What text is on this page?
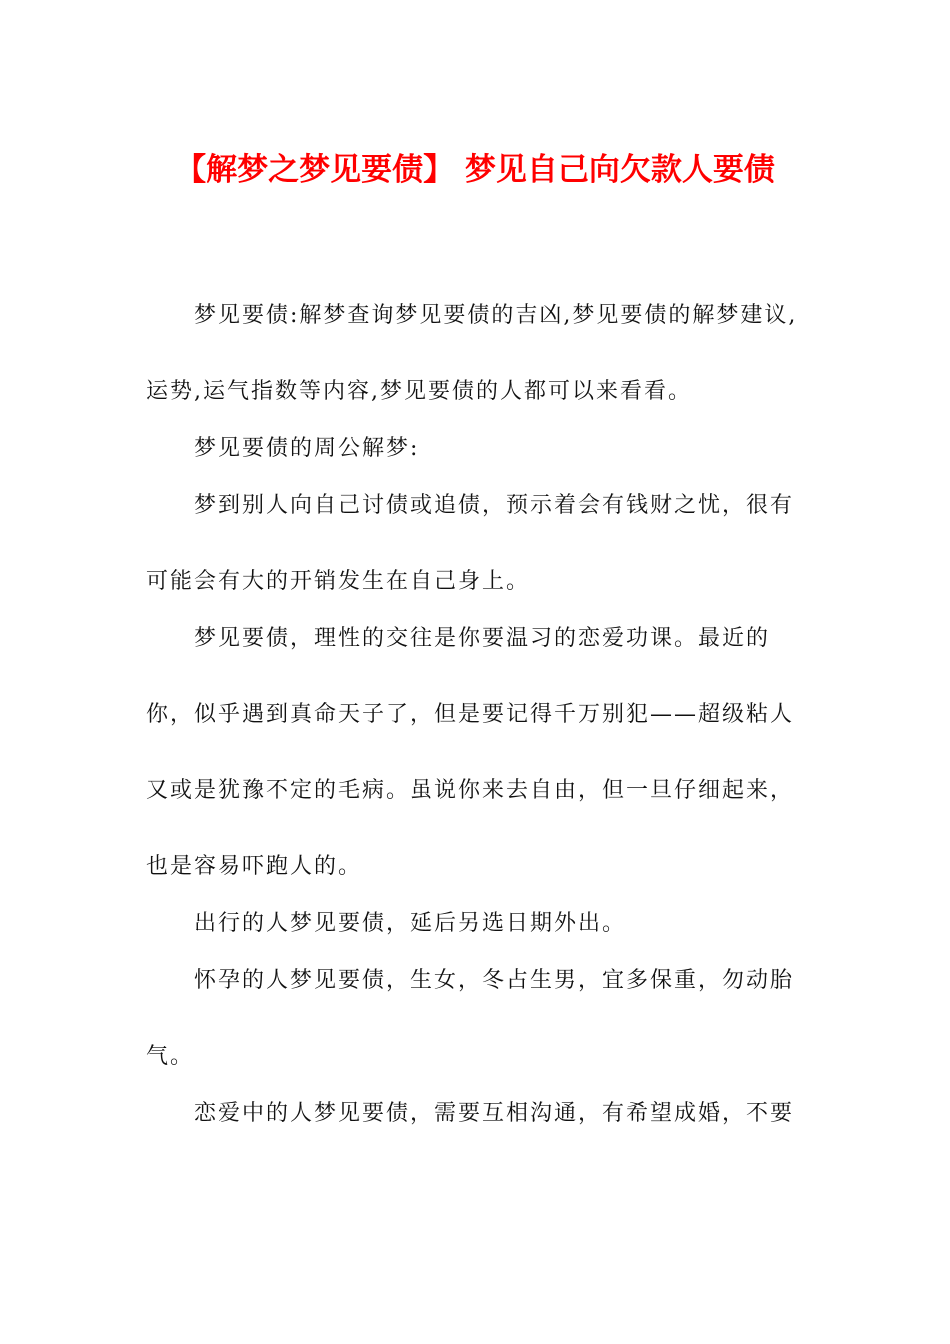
【解梦之梦见要债】 梦见自己向欠款人要债

梦见要债:解梦查询梦见要债的吉凶,梦见要债的解梦建议,运势,运气指数等内容,梦见要债的人都可以来看看。

梦见要债的周公解梦:

梦到别人向自己讨债或追债，预示着会有钱财之忧，很有可能会有大的开销发生在自己身上。

梦见要债，理性的交往是你要温习的恋爱功课。最近的你，似乎遇到真命天子了，但是要记得千万别犯——超级粘人又或是犹豫不定的毛病。虽说你来去自由，但一旦仔细起来，也是容易吓跑人的。

出行的人梦见要债，延后另选日期外出。

怀孕的人梦见要债，生女，冬占生男，宜多保重，勿动胎气。

恋爱中的人梦见要债，需要互相沟通，有希望成婚，不要
